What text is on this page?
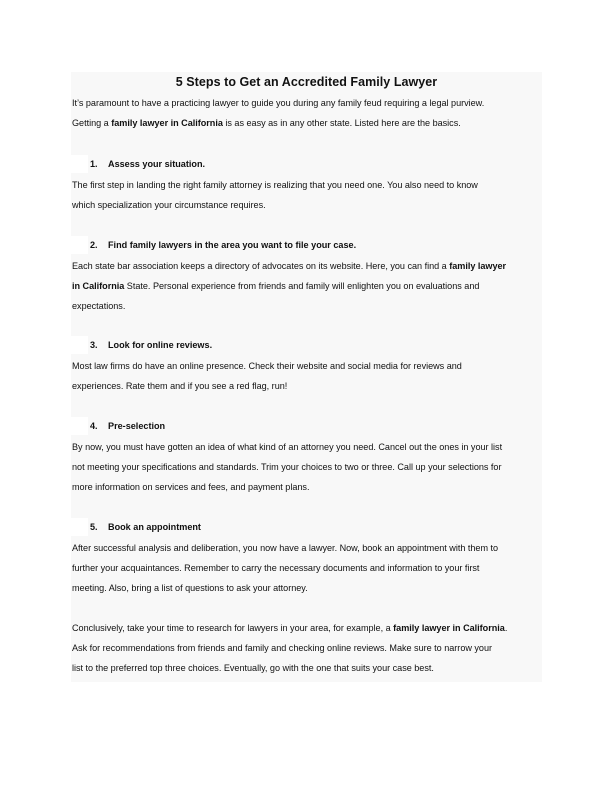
5 Steps to Get an Accredited Family Lawyer
It’s paramount to have a practicing lawyer to guide you during any family feud requiring a legal purview.
Getting a family lawyer in California is as easy as in any other state. Listed here are the basics.
1. Assess your situation.
The first step in landing the right family attorney is realizing that you need one. You also need to know
which specialization your circumstance requires.
2. Find family lawyers in the area you want to file your case.
Each state bar association keeps a directory of advocates on its website. Here, you can find a family lawyer
in California State. Personal experience from friends and family will enlighten you on evaluations and
expectations.
3. Look for online reviews.
Most law firms do have an online presence. Check their website and social media for reviews and
experiences. Rate them and if you see a red flag, run!
4. Pre-selection
By now, you must have gotten an idea of what kind of an attorney you need. Cancel out the ones in your list
not meeting your specifications and standards. Trim your choices to two or three. Call up your selections for
more information on services and fees, and payment plans.
5. Book an appointment
After successful analysis and deliberation, you now have a lawyer. Now, book an appointment with them to
further your acquaintances. Remember to carry the necessary documents and information to your first
meeting. Also, bring a list of questions to ask your attorney.
Conclusively, take your time to research for lawyers in your area, for example, a family lawyer in California.
Ask for recommendations from friends and family and checking online reviews. Make sure to narrow your
list to the preferred top three choices. Eventually, go with the one that suits your case best.
